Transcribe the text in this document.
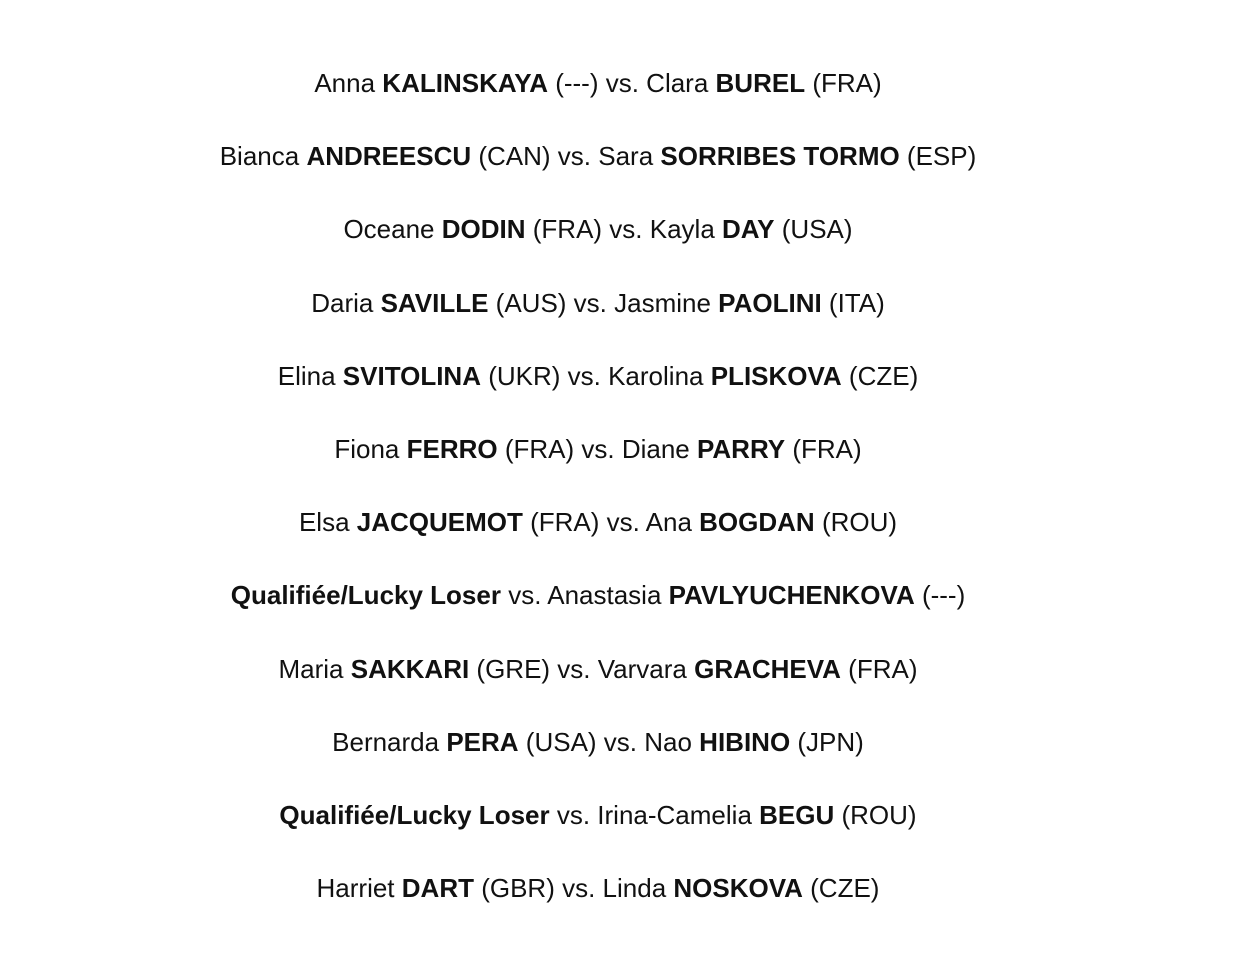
Anna KALINSKAYA (---) vs. Clara BUREL (FRA)
Bianca ANDREESCU (CAN) vs. Sara SORRIBES TORMO (ESP)
Oceane DODIN (FRA) vs. Kayla DAY (USA)
Daria SAVILLE (AUS) vs. Jasmine PAOLINI (ITA)
Elina SVITOLINA (UKR) vs. Karolina PLISKOVA (CZE)
Fiona FERRO (FRA) vs. Diane PARRY (FRA)
Elsa JACQUEMOT (FRA) vs. Ana BOGDAN (ROU)
Qualifiée/Lucky Loser vs. Anastasia PAVLYUCHENKOVA (---)
Maria SAKKARI (GRE) vs. Varvara GRACHEVA (FRA)
Bernarda PERA (USA) vs. Nao HIBINO (JPN)
Qualifiée/Lucky Loser vs. Irina-Camelia BEGU (ROU)
Harriet DART (GBR) vs. Linda NOSKOVA (CZE)
